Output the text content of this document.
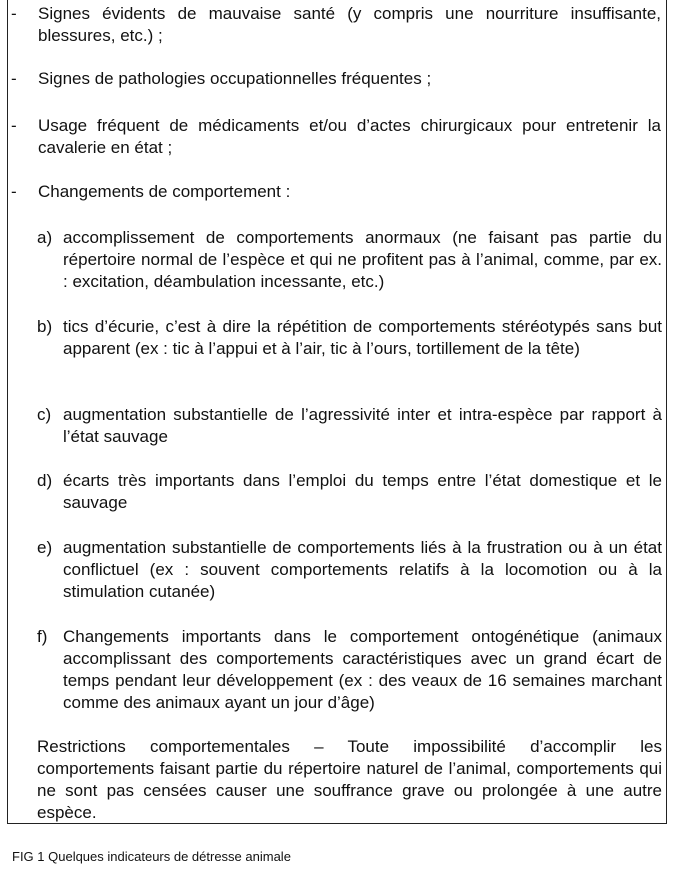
-	Signes évidents de mauvaise santé (y compris une nourriture insuffisante, blessures, etc.) ;
-	Signes de pathologies occupationnelles fréquentes ;
-	Usage fréquent de médicaments et/ou d’actes chirurgicaux pour entretenir la cavalerie en état ;
-	Changements de comportement :
a) accomplissement de comportements anormaux (ne faisant pas partie du répertoire normal de l’espèce et qui ne profitent pas à l’animal, comme, par ex. : excitation, déambulation incessante, etc.)
b) tics d’écurie, c’est à dire la répétition de comportements stéréotypés sans but apparent (ex : tic à l’appui et à l’air, tic à l’ours, tortillement de la tête)
c) augmentation substantielle de l’agressivité inter et intra-espèce par rapport à l’état sauvage
d) écarts très importants dans l’emploi du temps entre l’état domestique et le sauvage
e) augmentation substantielle de comportements liés à la frustration ou à un état conflictuel (ex : souvent comportements relatifs à la locomotion ou à la stimulation cutanée)
f) Changements importants dans le comportement ontogénétique (animaux accomplissant des comportements caractéristiques avec un grand écart de temps pendant leur développement (ex : des veaux de 16 semaines marchant comme des animaux ayant un jour d’âge)
Restrictions comportementales – Toute impossibilité d’accomplir les comportements faisant partie du répertoire naturel de l’animal, comportements qui ne sont pas censées causer une souffrance grave ou prolongée à une autre espèce.
FIG 1 Quelques indicateurs de détresse animale
